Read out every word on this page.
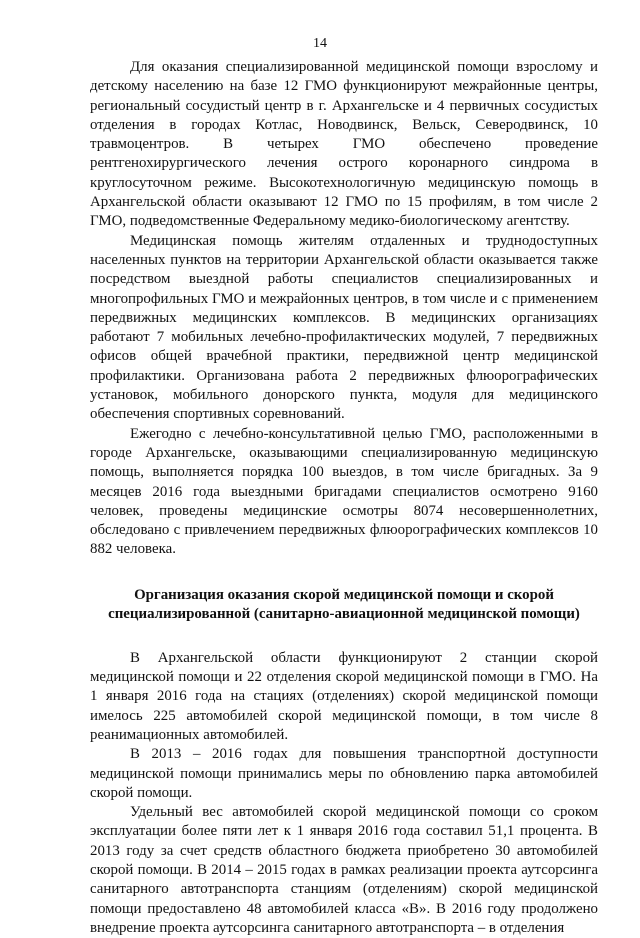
14

Для оказания специализированной медицинской помощи взрослому и детскому населению на базе 12 ГМО функционируют межрайонные центры, региональный сосудистый центр в г. Архангельске и 4 первичных сосудистых отделения в городах Котлас, Новодвинск, Вельск, Северодвинск, 10 травмоцентров. В четырех ГМО обеспечено проведение рентгенохирургического лечения острого коронарного синдрома в круглосуточном режиме. Высокотехнологичную медицинскую помощь в Архангельской области оказывают 12 ГМО по 15 профилям, в том числе 2 ГМО, подведомственные Федеральному медико-биологическому агентству.

Медицинская помощь жителям отдаленных и труднодоступных населенных пунктов на территории Архангельской области оказывается также посредством выездной работы специалистов специализированных и многопрофильных ГМО и межрайонных центров, в том числе и с применением передвижных медицинских комплексов. В медицинских организациях работают 7 мобильных лечебно-профилактических модулей, 7 передвижных офисов общей врачебной практики, передвижной центр медицинской профилактики. Организована работа 2 передвижных флюорографических установок, мобильного донорского пункта, модуля для медицинского обеспечения спортивных соревнований.

Ежегодно с лечебно-консультативной целью ГМО, расположенными в городе Архангельске, оказывающими специализированную медицинскую помощь, выполняется порядка 100 выездов, в том числе бригадных. За 9 месяцев 2016 года выездными бригадами специалистов осмотрено 9160 человек, проведены медицинские осмотры 8074 несовершеннолетних, обследовано с привлечением передвижных флюорографических комплексов 10 882 человека.

Организация оказания скорой медицинской помощи и скорой
специализированной (санитарно-авиационной медицинской помощи)

В Архангельской области функционируют 2 станции скорой медицинской помощи и 22 отделения скорой медицинской помощи в ГМО. На 1 января 2016 года на стациях (отделениях) скорой медицинской помощи имелось 225 автомобилей скорой медицинской помощи, в том числе 8 реанимационных автомобилей.

В 2013 – 2016 годах для повышения транспортной доступности медицинской помощи принимались меры по обновлению парка автомобилей скорой помощи.

Удельный вес автомобилей скорой медицинской помощи со сроком эксплуатации более пяти лет к 1 января 2016 года составил 51,1 процента. В 2013 году за счет средств областного бюджета приобретено 30 автомобилей скорой помощи. В 2014 – 2015 годах в рамках реализации проекта аутсорсинга санитарного автотранспорта станциям (отделениям) скорой медицинской помощи предоставлено 48 автомобилей класса «В». В 2016 году продолжено внедрение проекта аутсорсинга санитарного автотранспорта – в отделения
